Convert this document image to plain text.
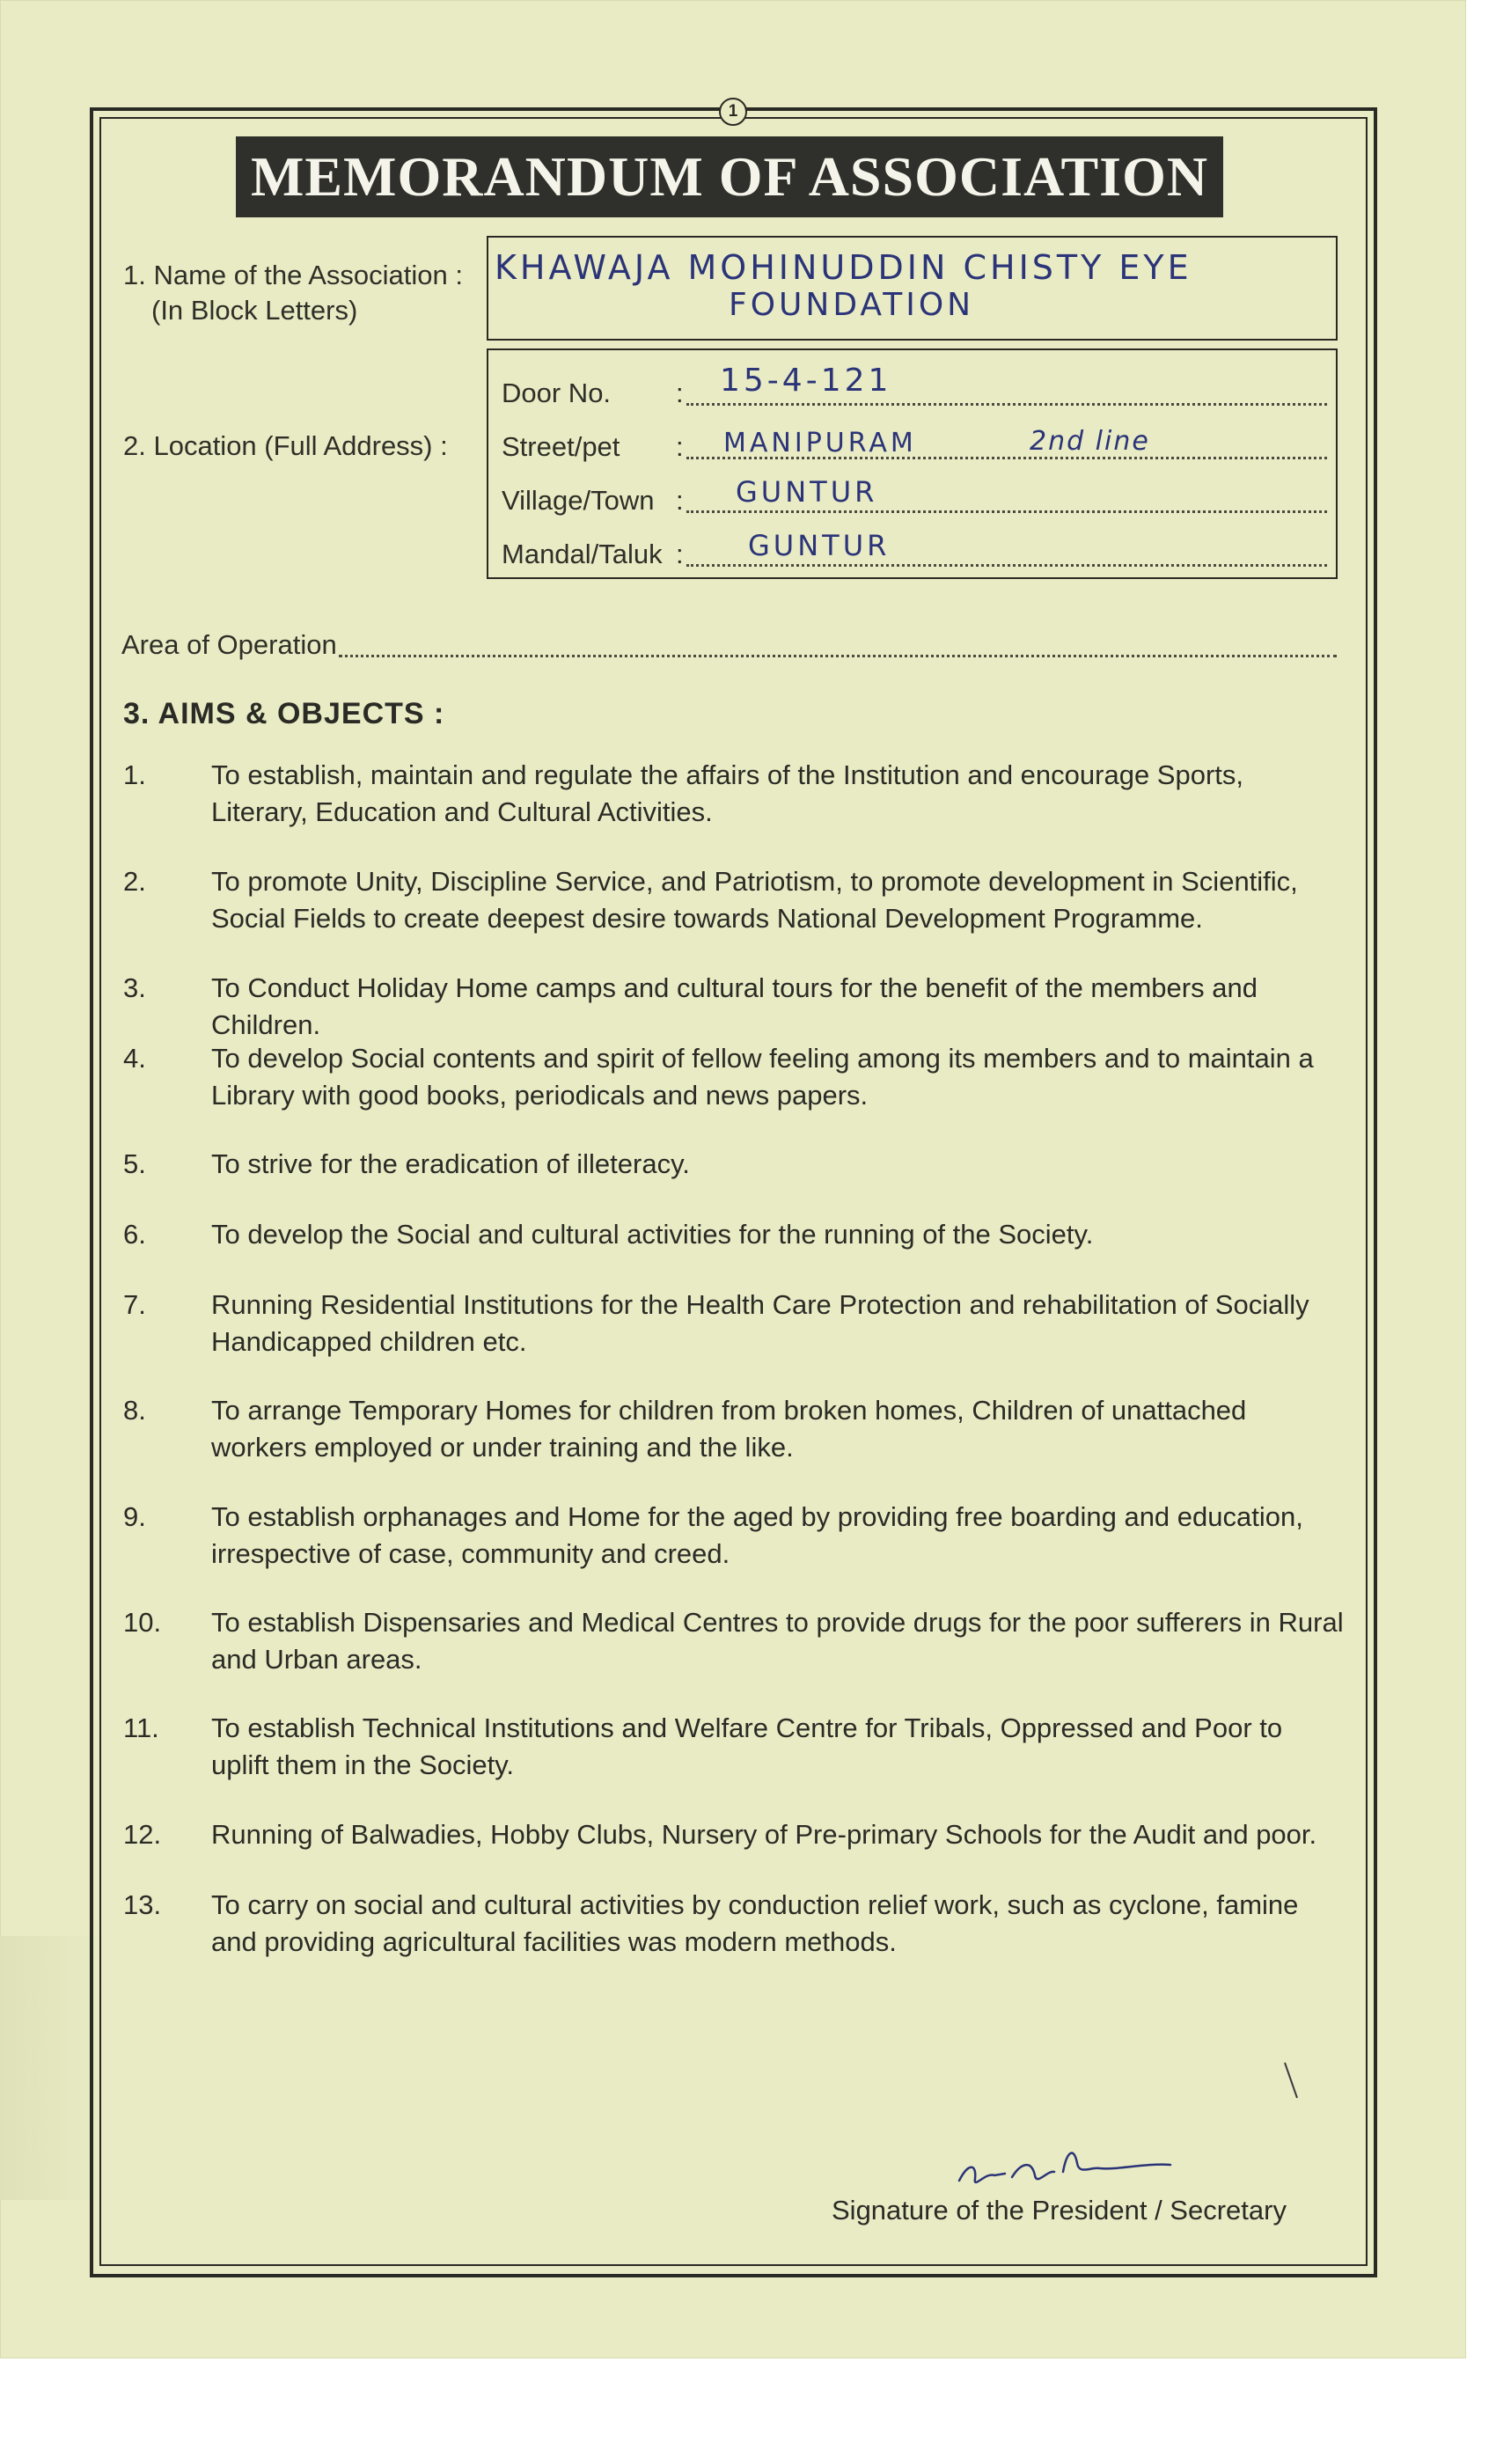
1
MEMORANDUM OF ASSOCIATION
1. Name of the Association :
(In Block Letters)
KHAWAJA MOHINUDDIN CHISTY EYE
FOUNDATION
2. Location (Full Address) :
Door No. : 15-4-121
Street/pet : MANIPURAM	2nd line
Village/Town : GUNTUR
Mandal/Taluk : GUNTUR
Area of Operation
3. AIMS & OBJECTS :
1.	To establish, maintain and regulate the affairs of the Institution and encourage Sports, Literary, Education and Cultural Activities.
2.	To promote Unity, Discipline Service, and Patriotism, to promote development in Scientific, Social Fields to create deepest desire towards National Development Programme.
3.	To Conduct Holiday Home camps and cultural tours for the benefit of the members and Children.
4.	To develop Social contents and spirit of fellow feeling among its members and to maintain a Library with good books, periodicals and news papers.
5.	To strive for the eradication of illeteracy.
6.	To develop the Social and cultural activities for the running of the Society.
7.	Running Residential Institutions for the Health Care Protection and rehabilitation of Socially Handicapped children etc.
8.	To arrange Temporary Homes for children from broken homes, Children of unattached workers employed or under training and the like.
9.	To establish orphanages and Home for the aged by providing free boarding and education, irrespective of case, community and creed.
10.	To establish Dispensaries and Medical Centres to provide drugs for the poor sufferers in Rural and Urban areas.
11.	To establish Technical Institutions and Welfare Centre for Tribals, Oppressed and Poor to uplift them in the Society.
12.	Running of Balwadies, Hobby Clubs, Nursery of Pre-primary Schools for the Audit and poor.
13.	To carry on social and cultural activities by conduction relief work, such as cyclone, famine and providing agricultural facilities was modern methods.
Signature of the President / Secretary
